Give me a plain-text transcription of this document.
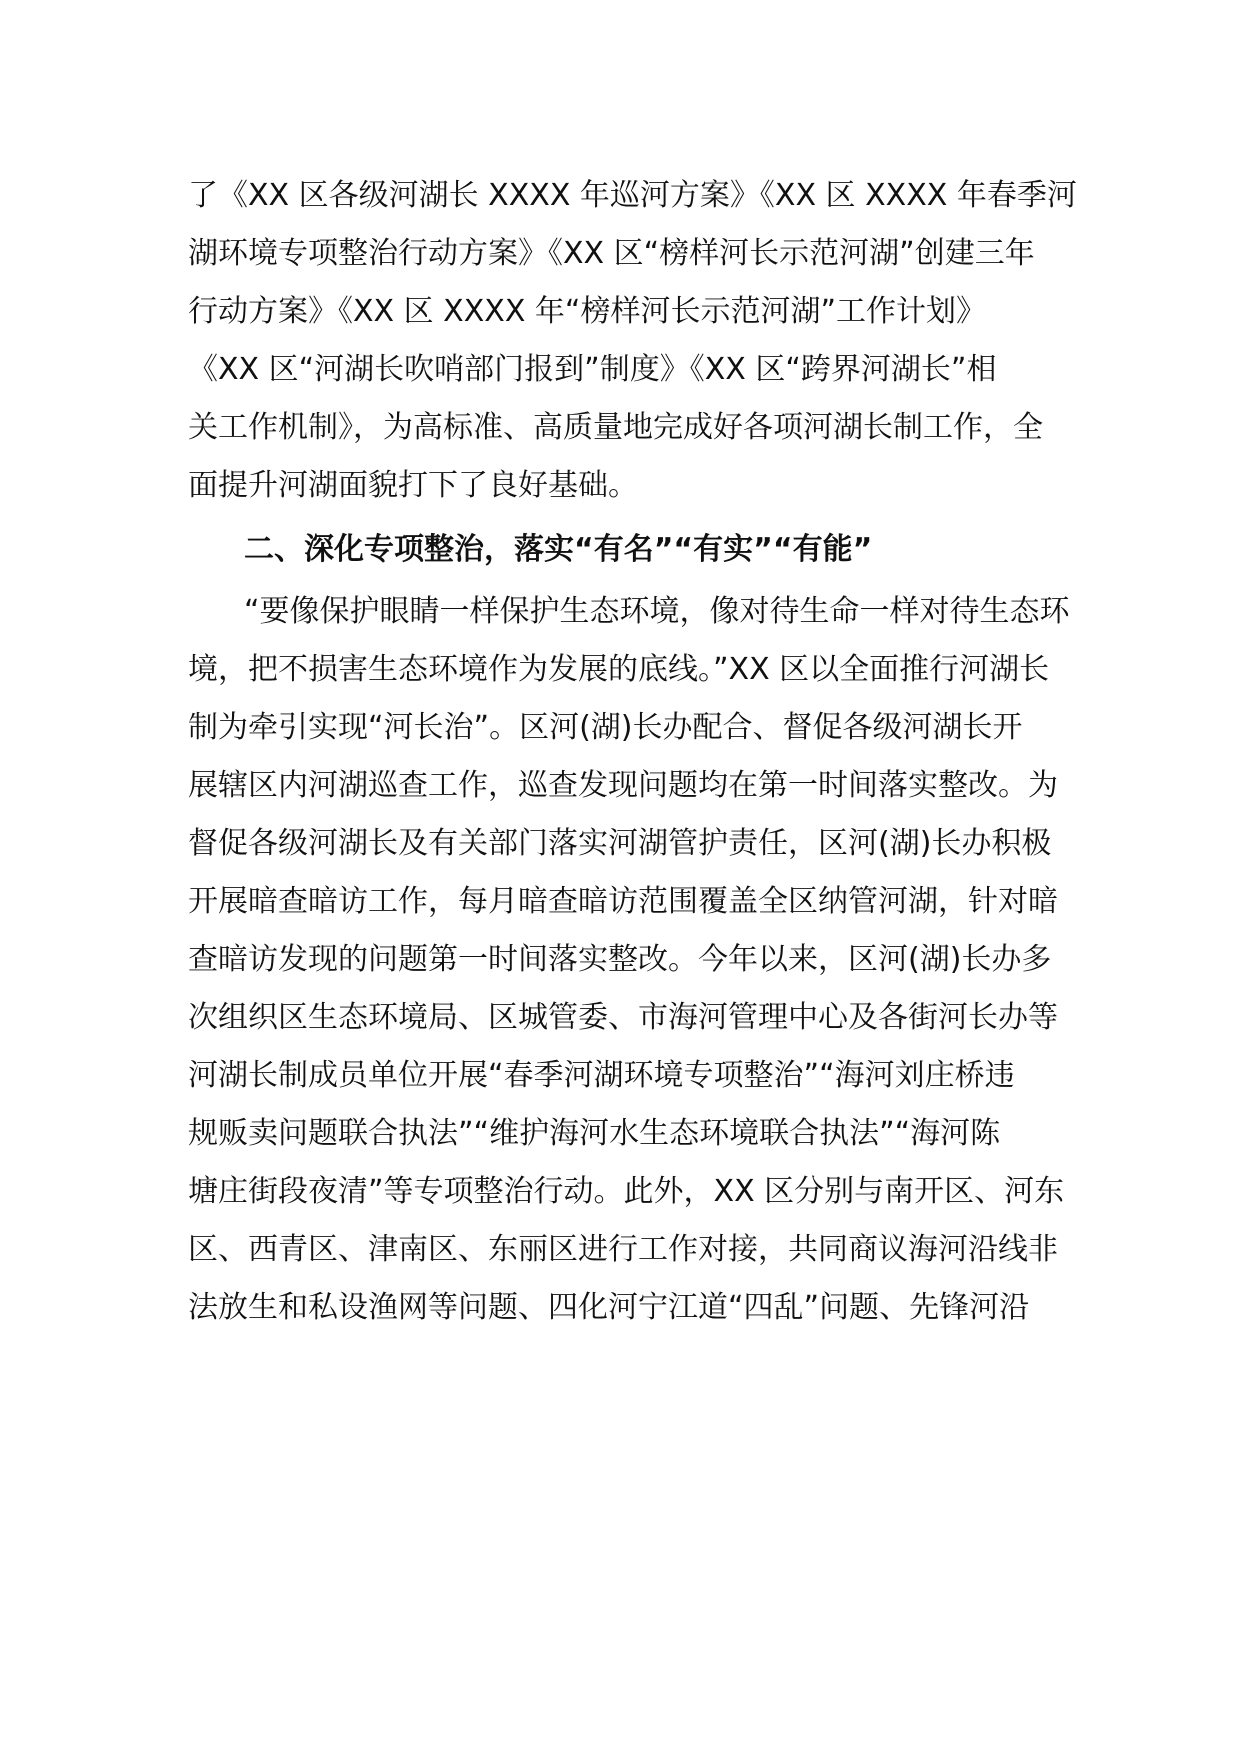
了《XX 区各级河湖长 XXXX 年巡河方案》《XX 区 XXXX 年春季河
湖环境专项整治行动方案》《XX 区“榜样河长示范河湖”创建三年
行动方案》《XX 区 XXXX 年“榜样河长示范河湖”工作计划》
《XX 区“河湖长吹哨部门报到”制度》《XX 区“跨界河湖长”相
关工作机制》，为高标准、高质量地完成好各项河湖长制工作，全
面提升河湖面貌打下了良好基础。
二、深化专项整治，落实“有名”“有实”“有能”
“要像保护眼睛一样保护生态环境，像对待生命一样对待生态环
境，把不损害生态环境作为发展的底线。”XX 区以全面推行河湖长
制为牵引实现“河长治”。区河(湖)长办配合、督促各级河湖长开
展辖区内河湖巡查工作，巡查发现问题均在第一时间落实整改。为
督促各级河湖长及有关部门落实河湖管护责任，区河(湖)长办积极
开展暗查暗访工作，每月暗查暗访范围覆盖全区纳管河湖，针对暗
查暗访发现的问题第一时间落实整改。今年以来，区河(湖)长办多
次组织区生态环境局、区城管委、市海河管理中心及各街河长办等
河湖长制成员单位开展“春季河湖环境专项整治”“海河刘庄桥违
规贩卖问题联合执法”“维护海河水生态环境联合执法”“海河陈
塘庄街段夜清”等专项整治行动。此外，XX 区分别与南开区、河东
区、西青区、津南区、东丽区进行工作对接，共同商议海河沿线非
法放生和私设渔网等问题、四化河宁江道“四乱”问题、先锋河沿
